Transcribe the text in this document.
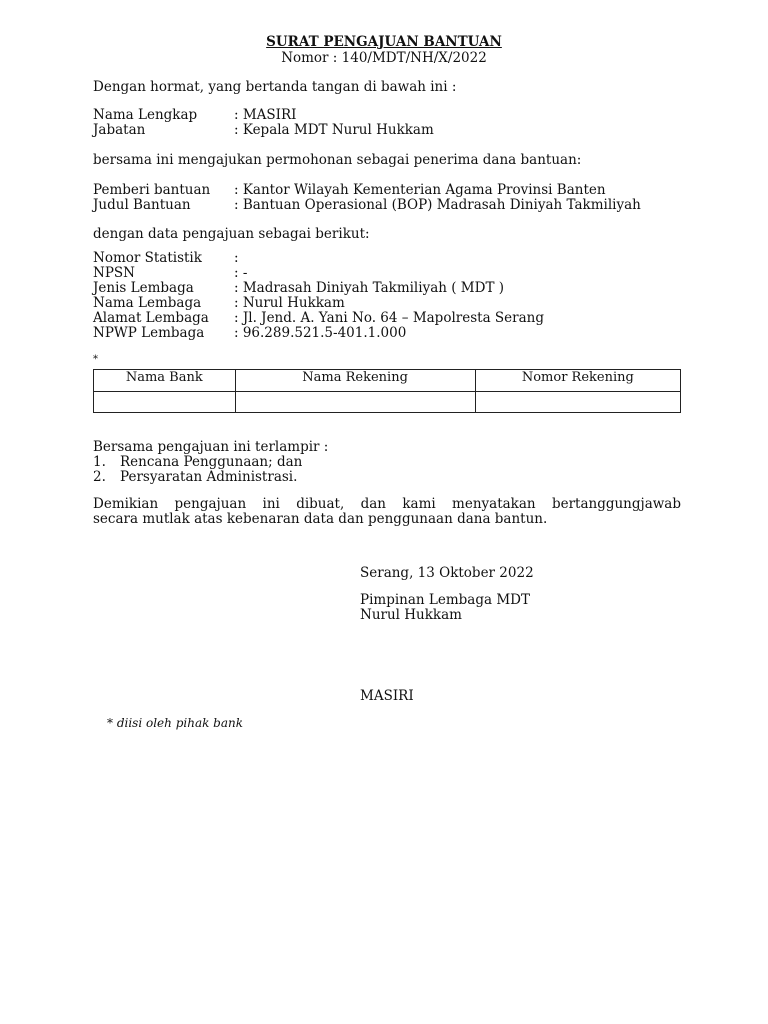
SURAT PENGAJUAN BANTUAN
Nomor : 140/MDT/NH/X/2022
Dengan hormat, yang bertanda tangan di bawah ini :
Nama Lengkap	: MASIRI
Jabatan	: Kepala MDT Nurul Hukkam
bersama ini mengajukan permohonan sebagai penerima dana bantuan:
Pemberi bantuan : Kantor Wilayah Kementerian Agama Provinsi Banten
Judul Bantuan	: Bantuan Operasional (BOP) Madrasah Diniyah Takmiliyah
dengan data pengajuan sebagai berikut:
Nomor Statistik :
NPSN	: -
Jenis Lembaga	: Madrasah Diniyah Takmiliyah ( MDT )
Nama Lembaga : Nurul Hukkam
Alamat Lembaga : Jl. Jend. A. Yani No. 64 – Mapolresta Serang
NPWP Lembaga : 96.289.521.5-401.1.000
*
Nama Bank	Nama Rekening	Nomor Rekening

Bersama pengajuan ini terlampir :
1. Rencana Penggunaan; dan
2. Persyaratan Administrasi.
Demikian pengajuan ini dibuat, dan kami menyatakan bertanggungjawab
secara mutlak atas kebenaran data dan penggunaan dana bantun.
Serang, 13 Oktober 2022
Pimpinan Lembaga MDT
Nurul Hukkam
MASIRI
* diisi oleh pihak bank
